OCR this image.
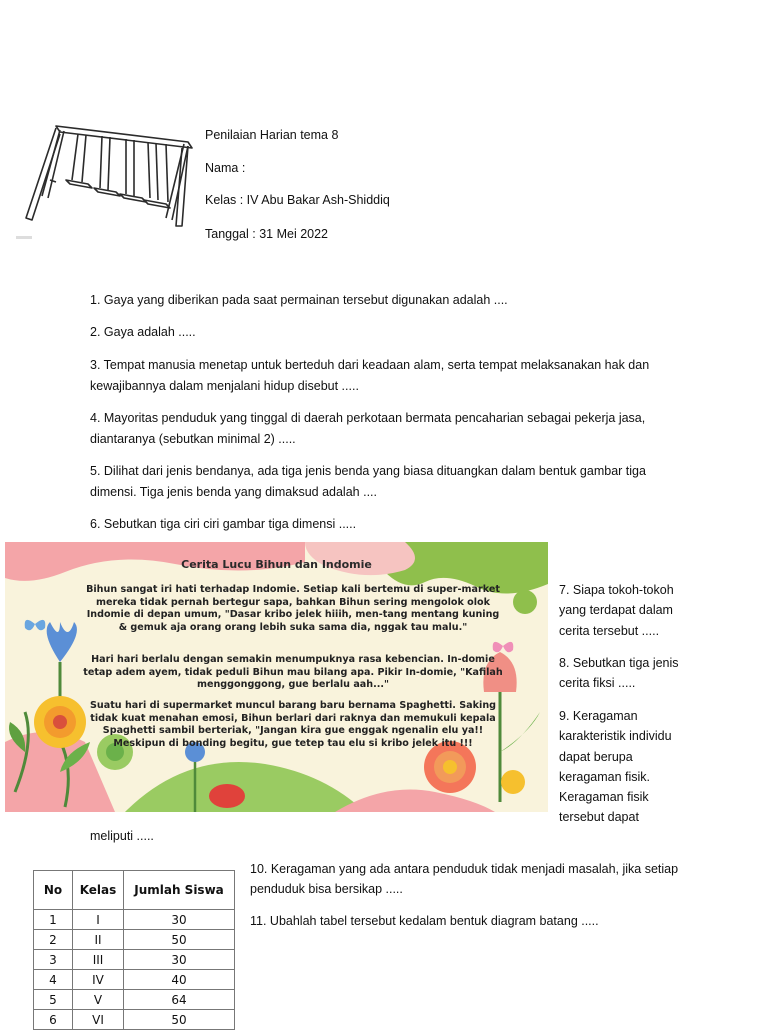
Penilaian Harian tema 8
Nama :
Kelas : IV Abu Bakar Ash-Shiddiq
Tanggal : 31 Mei 2022
1. Gaya yang diberikan pada saat permainan tersebut digunakan adalah ....
2. Gaya adalah .....
3. Tempat manusia menetap untuk berteduh dari keadaan alam, serta tempat melaksanakan hak dan kewajibannya dalam menjalani hidup disebut .....
4. Mayoritas penduduk yang tinggal di daerah perkotaan bermata pencaharian sebagai pekerja jasa, diantaranya (sebutkan minimal 2) .....
5. Dilihat dari jenis bendanya, ada tiga jenis benda yang biasa dituangkan dalam bentuk gambar tiga dimensi. Tiga jenis benda yang dimaksud adalah ....
6. Sebutkan tiga ciri ciri gambar tiga dimensi .....
Cerita Lucu Bihun dan Indomie
Bihun sangat iri hati terhadap Indomie. Setiap kali bertemu di super-market mereka tidak pernah bertegur sapa, bahkan Bihun sering mengolok olok Indomie di depan umum, "Dasar kribo jelek hiiih, men-tang mentang kuning & gemuk aja orang orang lebih suka sama dia, nggak tau malu."
Hari hari berlalu dengan semakin menumpuknya rasa kebencian. In-domie tetap adem ayem, tidak peduli Bihun mau bilang apa. Pikir In-domie, "Kafilah menggonggong, gue berlalu aah..."
Suatu hari di supermarket muncul barang baru bernama Spaghetti. Saking tidak kuat menahan emosi, Bihun berlari dari raknya dan memukuli kepala Spaghetti sambil berteriak, "Jangan kira gue enggak ngenalin elu ya!! Meskipun di bonding begitu, gue tetep tau elu si kribo jelek itu !!!
7. Siapa tokoh-tokoh yang terdapat dalam cerita tersebut .....
8. Sebutkan tiga jenis cerita fiksi .....
9. Keragaman karakteristik individu dapat berupa keragaman fisik. Keragaman fisik tersebut dapat
meliputi .....
No	Kelas	Jumlah Siswa
1	I	30
2	II	50
3	III	30
4	IV	40
5	V	64
6	VI	50
10. Keragaman yang ada antara penduduk tidak menjadi masalah, jika setiap penduduk bisa bersikap .....
11. Ubahlah tabel tersebut kedalam bentuk diagram batang .....
